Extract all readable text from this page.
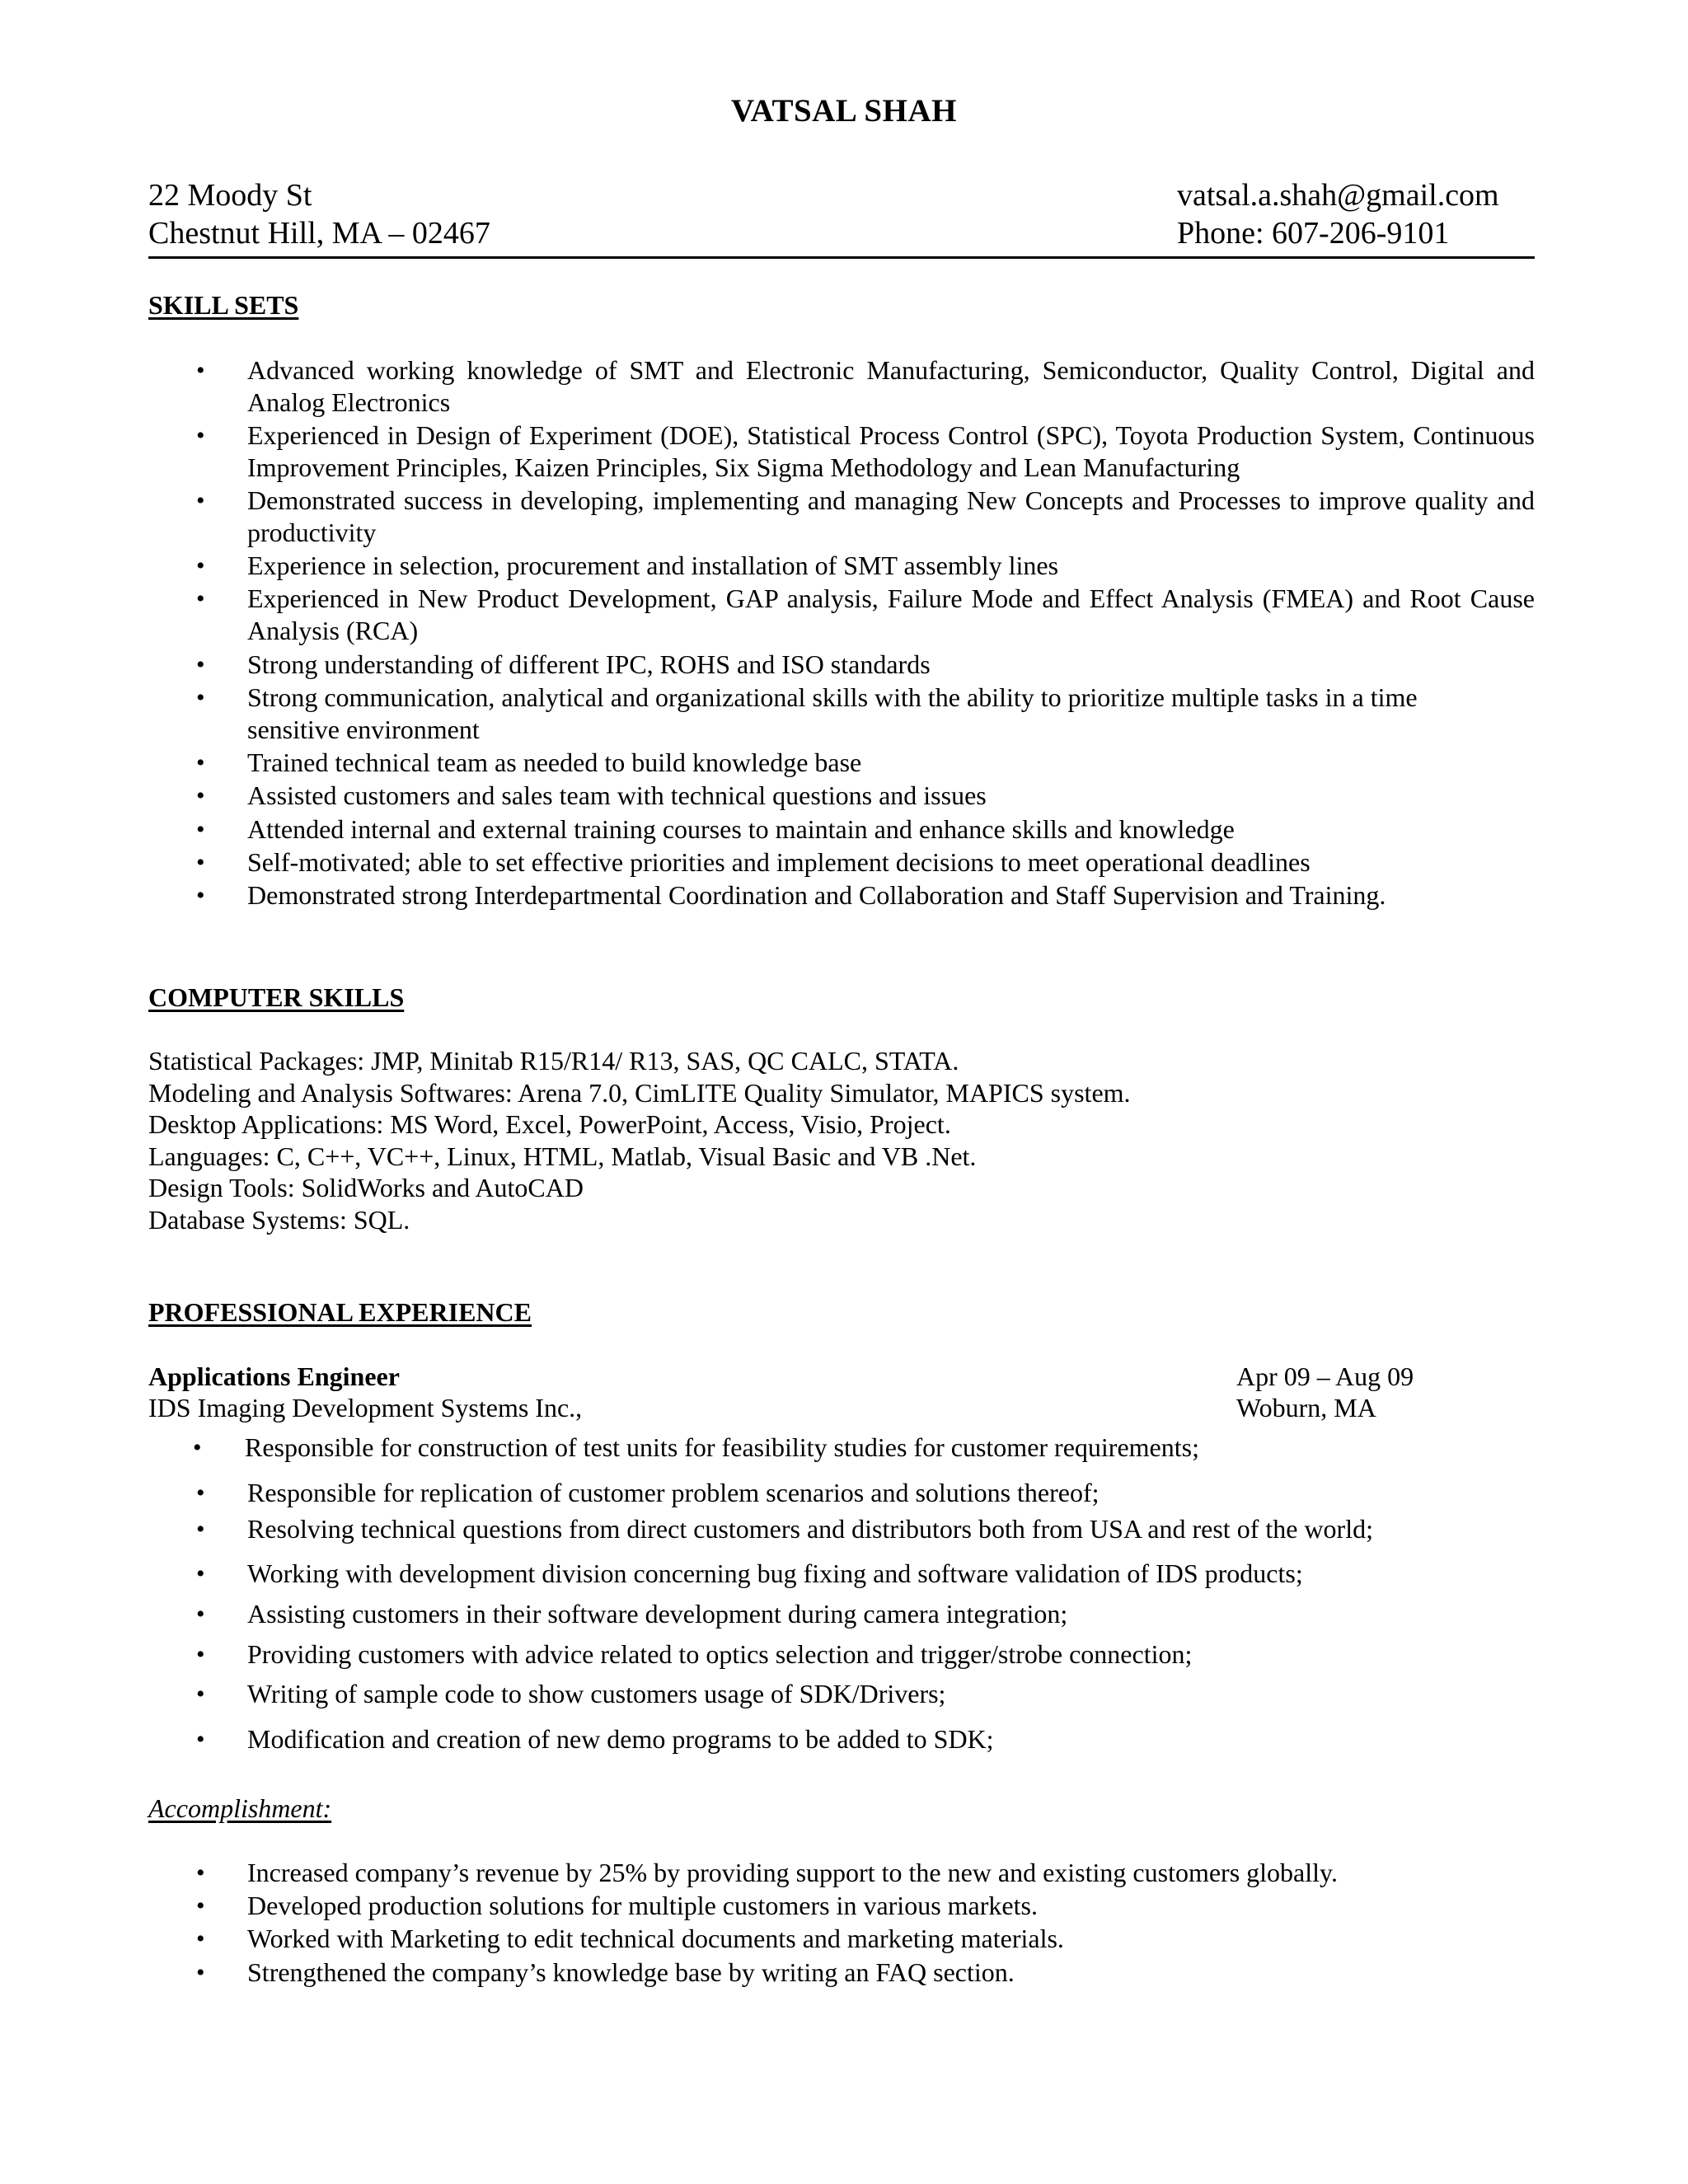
VATSAL SHAH
22 Moody St
Chestnut Hill, MA – 02467
vatsal.a.shah@gmail.com
Phone: 607-206-9101
SKILL SETS
• Advanced working knowledge of SMT and Electronic Manufacturing, Semiconductor, Quality Control, Digital and Analog Electronics
• Experienced in Design of Experiment (DOE), Statistical Process Control (SPC), Toyota Production System, Continuous Improvement Principles, Kaizen Principles, Six Sigma Methodology and Lean Manufacturing
• Demonstrated success in developing, implementing and managing New Concepts and Processes to improve quality and productivity
• Experience in selection, procurement and installation of SMT assembly lines
• Experienced in New Product Development, GAP analysis, Failure Mode and Effect Analysis (FMEA) and Root Cause Analysis (RCA)
• Strong understanding of different IPC, ROHS and ISO standards
• Strong communication, analytical and organizational skills with the ability to prioritize multiple tasks in a time sensitive environment
• Trained technical team as needed to build knowledge base
• Assisted customers and sales team with technical questions and issues
• Attended internal and external training courses to maintain and enhance skills and knowledge
• Self-motivated; able to set effective priorities and implement decisions to meet operational deadlines
• Demonstrated strong Interdepartmental Coordination and Collaboration and Staff Supervision and Training.
COMPUTER SKILLS
Statistical Packages: JMP, Minitab R15/R14/ R13, SAS, QC CALC, STATA.
Modeling and Analysis Softwares: Arena 7.0, CimLITE Quality Simulator, MAPICS system.
Desktop Applications: MS Word, Excel, PowerPoint, Access, Visio, Project.
Languages: C, C++, VC++, Linux, HTML, Matlab, Visual Basic and VB .Net.
Design Tools: SolidWorks and AutoCAD
Database Systems: SQL.
PROFESSIONAL EXPERIENCE
Applications Engineer	Apr 09 – Aug 09
IDS Imaging Development Systems Inc.,	Woburn, MA
• Responsible for construction of test units for feasibility studies for customer requirements;
• Responsible for replication of customer problem scenarios and solutions thereof;
• Resolving technical questions from direct customers and distributors both from USA and rest of the world;
• Working with development division concerning bug fixing and software validation of IDS products;
• Assisting customers in their software development during camera integration;
• Providing customers with advice related to optics selection and trigger/strobe connection;
• Writing of sample code to show customers usage of SDK/Drivers;
• Modification and creation of new demo programs to be added to SDK;
Accomplishment:
• Increased company’s revenue by 25% by providing support to the new and existing customers globally.
• Developed production solutions for multiple customers in various markets.
• Worked with Marketing to edit technical documents and marketing materials.
• Strengthened the company’s knowledge base by writing an FAQ section.
